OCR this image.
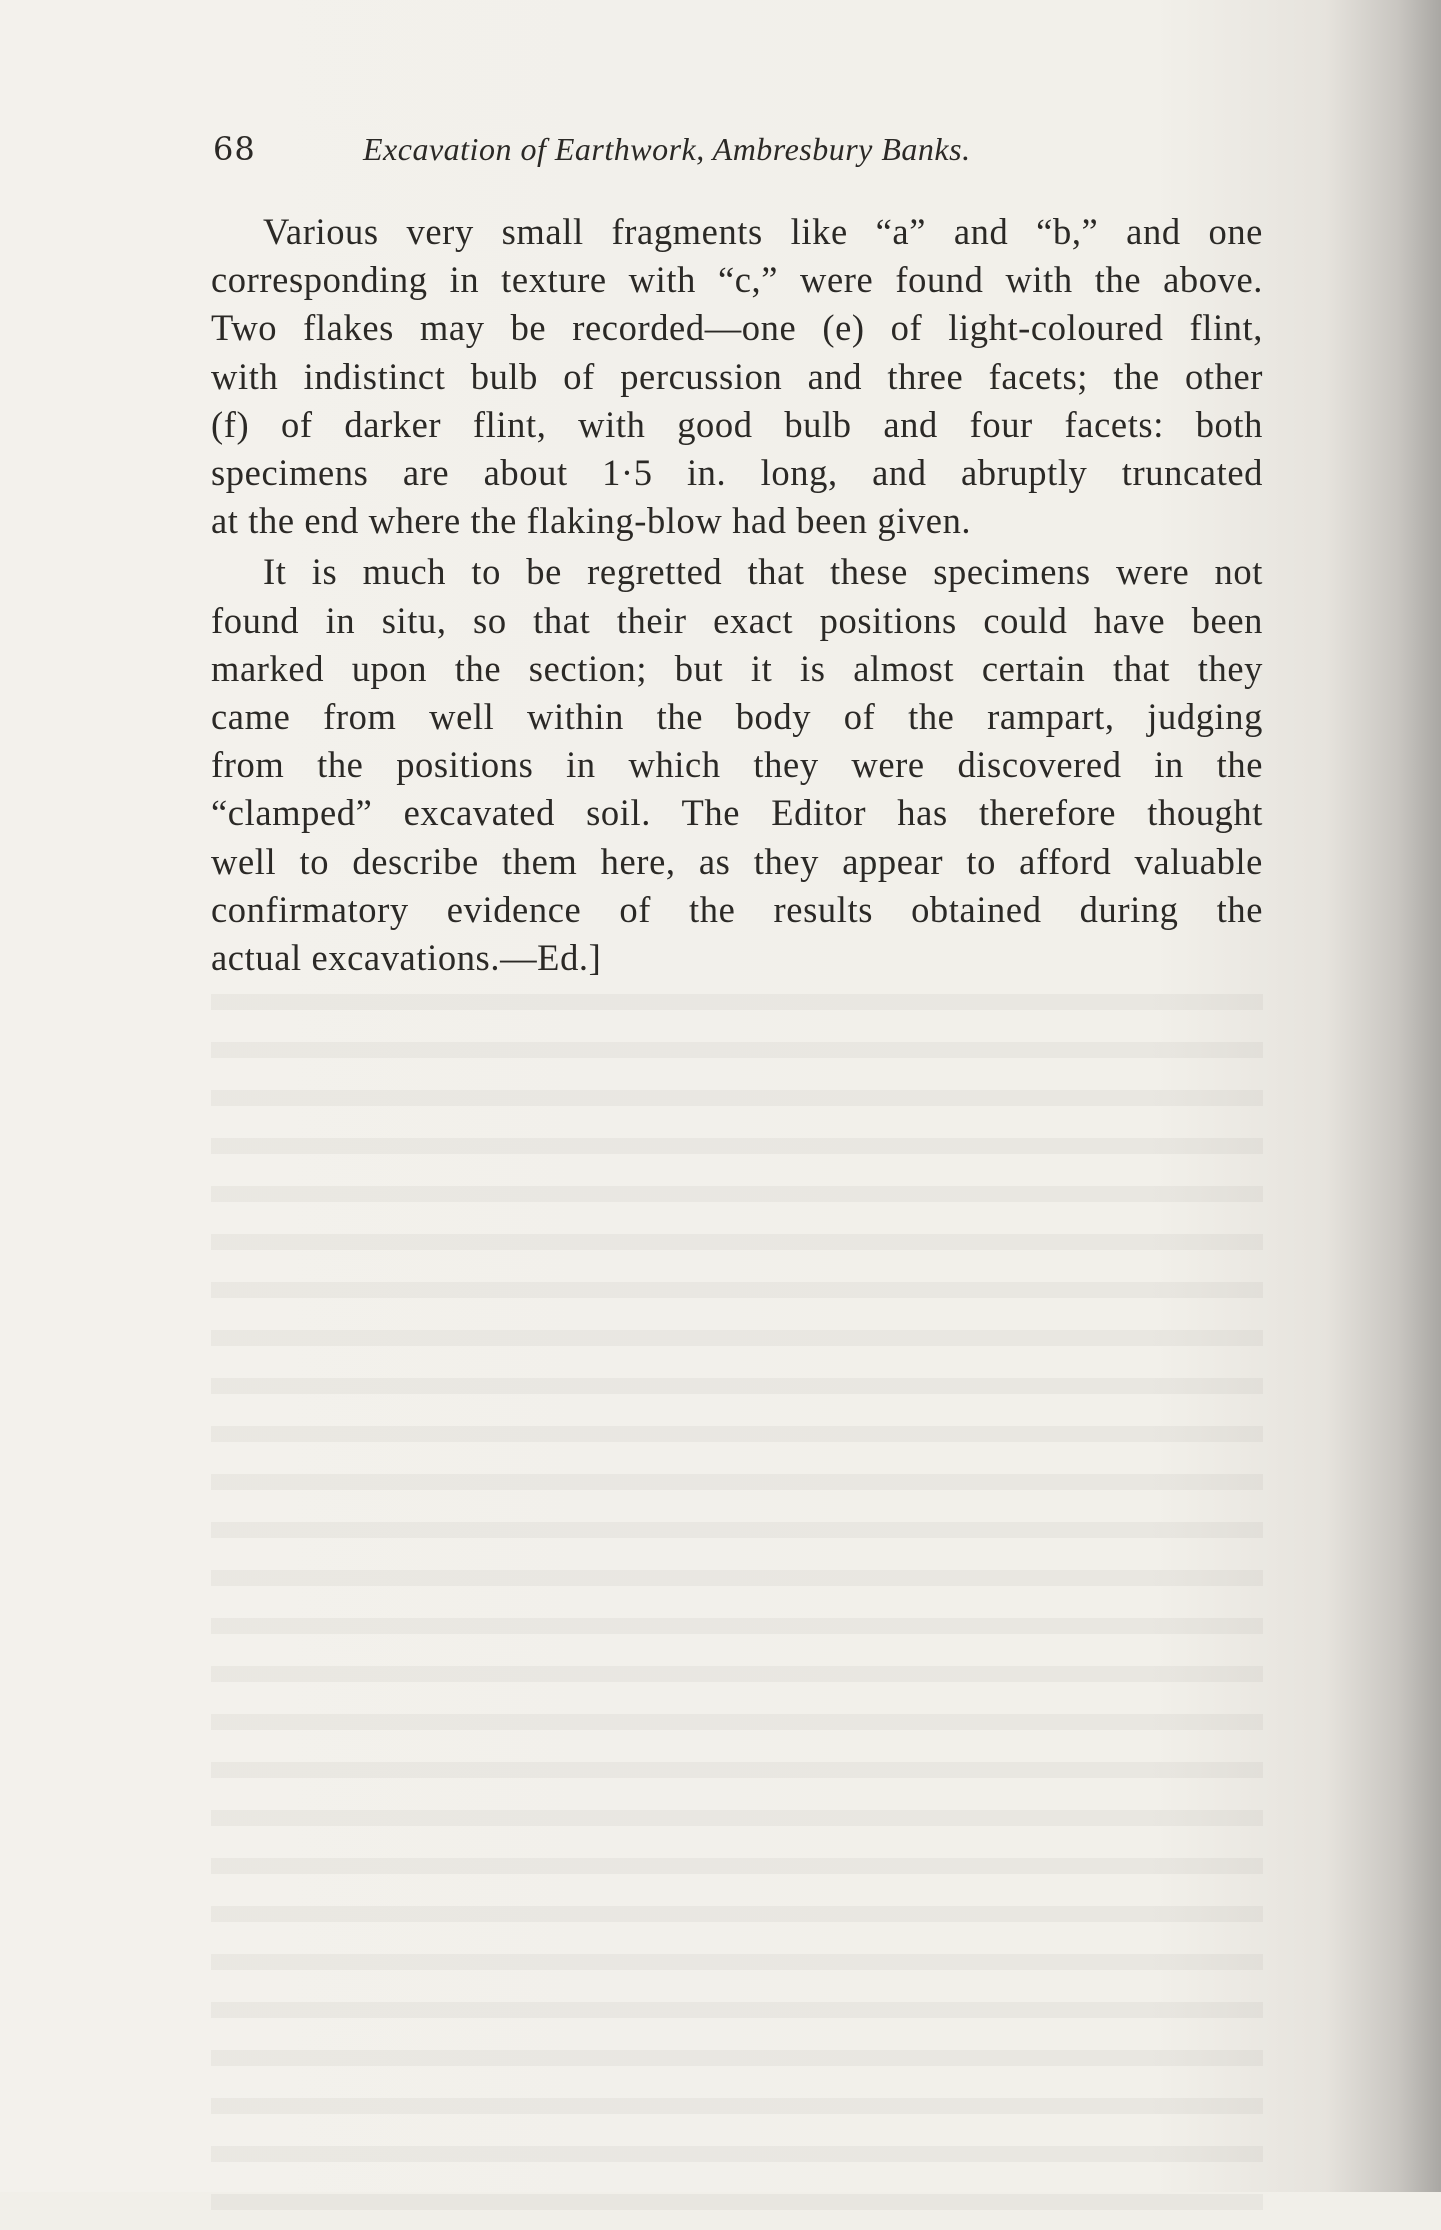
68	Excavation of Earthwork, Ambresbury Banks.

Various very small fragments like “a” and “b,” and one
corresponding in texture with “c,” were found with the above.
Two flakes may be recorded—one (e) of light-coloured flint,
with indistinct bulb of percussion and three facets; the other
(f) of darker flint, with good bulb and four facets: both
specimens are about 1·5 in. long, and abruptly truncated
at the end where the flaking-blow had been given.

It is much to be regretted that these specimens were not
found in situ, so that their exact positions could have been
marked upon the section; but it is almost certain that they
came from well within the body of the rampart, judging
from the positions in which they were discovered in the
“clamped” excavated soil. The Editor has therefore thought
well to describe them here, as they appear to afford valuable
confirmatory evidence of the results obtained during the
actual excavations.—Ed.]
